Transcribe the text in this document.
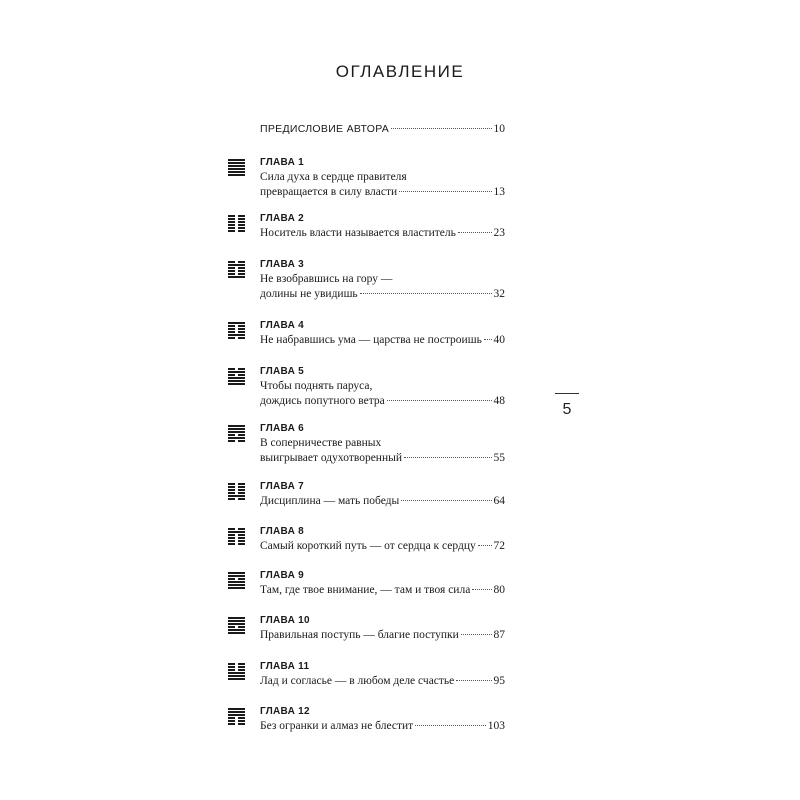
ОГЛАВЛЕНИЕ
ПРЕДИСЛОВИЕ АВТОРА	10
ГЛАВА 1
Сила духа в сердце правителя
превращается в силу власти	13
ГЛАВА 2
Носитель власти называется властитель	23
ГЛАВА 3
Не взобравшись на гору —
долины не увидишь	32
ГЛАВА 4
Не набравшись ума — царства не построишь 40
ГЛАВА 5
Чтобы поднять паруса,
дождись попутного ветра	48
ГЛАВА 6
В соперничестве равных
выигрывает одухотворенный	55
ГЛАВА 7
Дисциплина — мать победы	64
ГЛАВА 8
Самый короткий путь — от сердца к сердцу 72
ГЛАВА 9
Там, где твое внимание, — там и твоя сила 80
ГЛАВА 10
Правильная поступь — благие поступки	87
ГЛАВА 11
Лад и согласье — в любом деле счастье	95
ГЛАВА 12
Без огранки и алмаз не блестит	103
5
